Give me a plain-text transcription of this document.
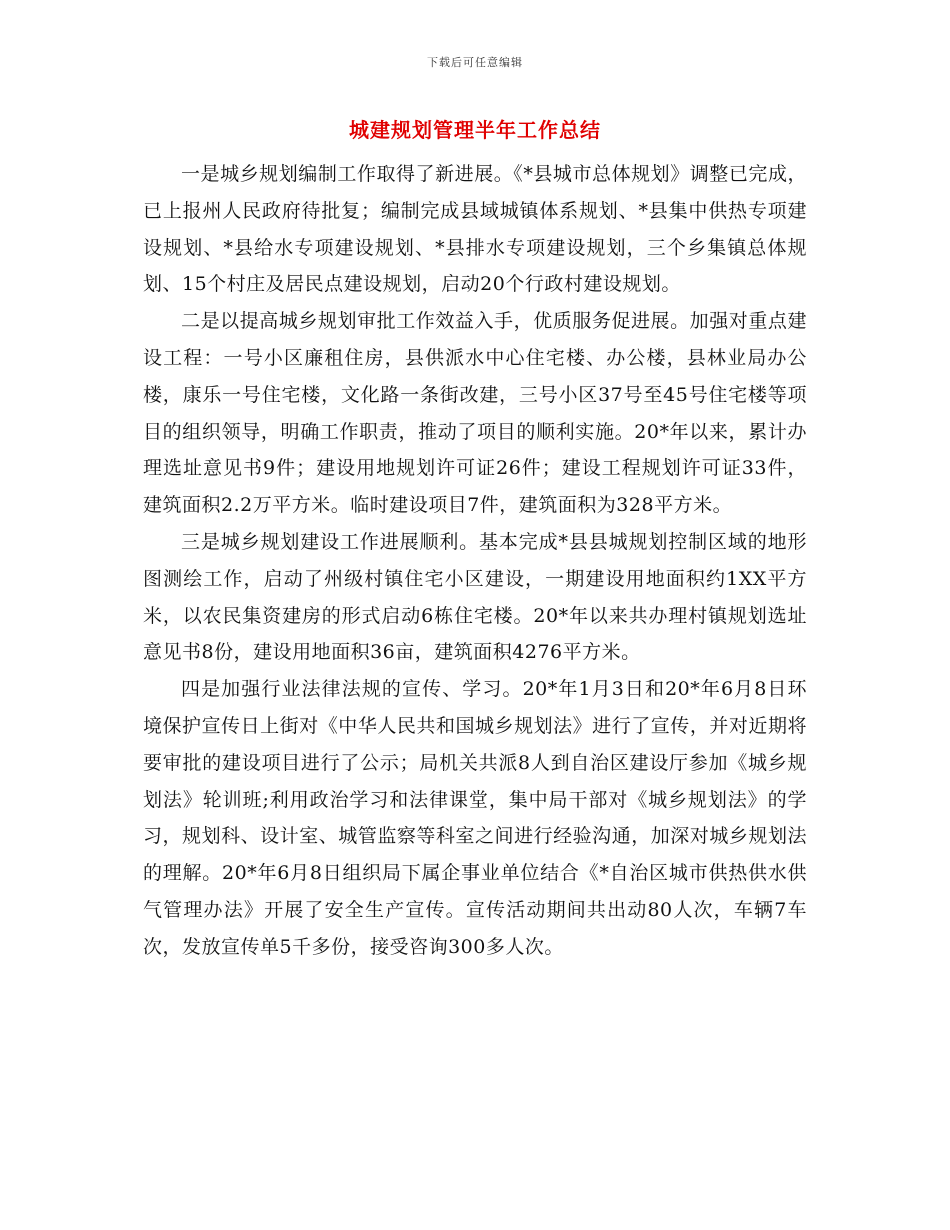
下载后可任意编辑
城建规划管理半年工作总结

一是城乡规划编制工作取得了新进展。《*县城市总体规划》调整已完成，已上报州人民政府待批复；编制完成县域城镇体系规划、*县集中供热专项建设规划、*县给水专项建设规划、*县排水专项建设规划，三个乡集镇总体规划、15个村庄及居民点建设规划，启动20个行政村建设规划。

二是以提高城乡规划审批工作效益入手，优质服务促进展。加强对重点建设工程：一号小区廉租住房，县供派水中心住宅楼、办公楼，县林业局办公楼，康乐一号住宅楼，文化路一条街改建，三号小区37号至45号住宅楼等项目的组织领导，明确工作职责，推动了项目的顺利实施。20*年以来，累计办理选址意见书9件；建设用地规划许可证26件；建设工程规划许可证33件，建筑面积2.2万平方米。临时建设项目7件，建筑面积为328平方米。

三是城乡规划建设工作进展顺利。基本完成*县县城规划控制区域的地形图测绘工作，启动了州级村镇住宅小区建设，一期建设用地面积约1XX平方米，以农民集资建房的形式启动6栋住宅楼。20*年以来共办理村镇规划选址意见书8份，建设用地面积36亩，建筑面积4276平方米。

四是加强行业法律法规的宣传、学习。20*年1月3日和20*年6月8日环境保护宣传日上街对《中华人民共和国城乡规划法》进行了宣传，并对近期将要审批的建设项目进行了公示；局机关共派8人到自治区建设厅参加《城乡规划法》轮训班;利用政治学习和法律课堂，集中局干部对《城乡规划法》的学习，规划科、设计室、城管监察等科室之间进行经验沟通，加深对城乡规划法的理解。20*年6月8日组织局下属企事业单位结合《*自治区城市供热供水供气管理办法》开展了安全生产宣传。宣传活动期间共出动80人次，车辆7车次，发放宣传单5千多份，接受咨询300多人次。
